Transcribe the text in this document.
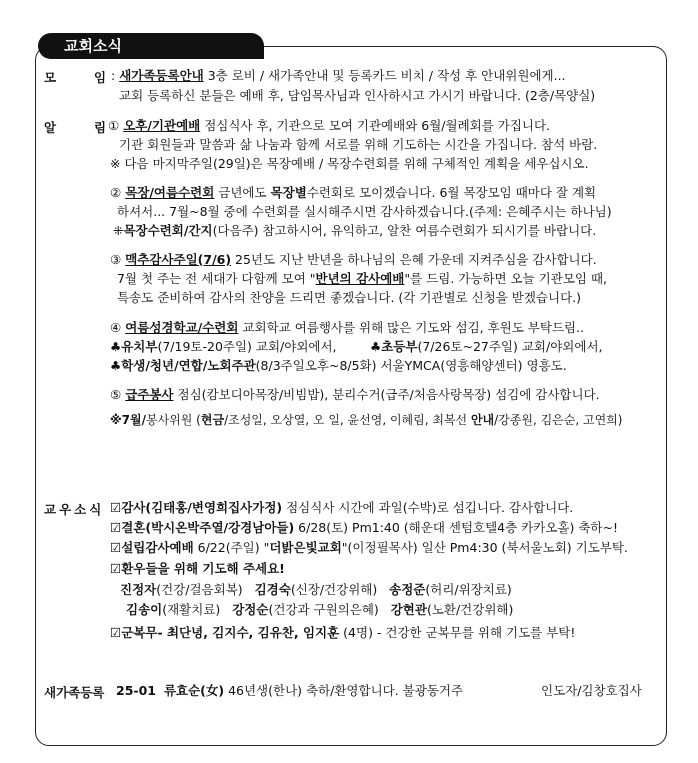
교회소식
모	임 : 새가족등록안내 3층 로비 / 새가족안내 및 등록카드 비치 / 작성 후 안내위원에게...
교회 등록하신 분들은 예배 후, 담임목사님과 인사하시고 가시기 바랍니다. (2층/목양실)
알	림 ① 오후/기관예배 점심식사 후, 기관으로 모여 기관예배와 6월/월례회를 가집니다.
기관 회원들과 말씀과 삶 나눔과 함께 서로를 위해 기도하는 시간을 가집니다. 참석 바람.
※ 다음 마지막주일(29일)은 목장예배 / 목장수련회를 위해 구체적인 계획을 세우십시오.
② 목장/여름수련회 금년에도 목장별수련회로 모이겠습니다. 6월 목장모임 때마다 잘 계획
하셔서... 7월~8월 중에 수련회를 실시해주시면 감사하겠습니다.(주제: 은혜주시는 하나님)
⁜목장수련회/간지(다음주) 참고하시어, 유익하고, 알찬 여름수련회가 되시기를 바랍니다.
③ 맥추감사주일(7/6) 25년도 지난 반년을 하나님의 은혜 가운데 지켜주심을 감사합니다.
7월 첫 주는 전 세대가 다함께 모여 "반년의 감사예배"를 드림. 가능하면 오늘 기관모임 때,
특송도 준비하여 감사의 찬양을 드리면 좋겠습니다. (각 기관별로 신청을 받겠습니다.)
④ 여름성경학교/수련회 교회학교 여름행사를 위해 많은 기도와 섬김, 후원도 부탁드림..
♣유치부(7/19토-20주일) 교회/야외에서,	♣초등부(7/26토~27주일) 교회/야외에서,
♣학생/청년/연합/노회주관(8/3주일오후~8/5화) 서울YMCA(영흥해양센터) 영흥도.
⑤ 급주봉사 점심(캄보디아목장/비빔밥), 분리수거(급주/처음사랑목장) 섬김에 감사합니다.
※7월/봉사위원 (현금/조성일, 오상열, 오 일, 윤선영, 이혜림, 최복선 안내/강종원, 김은순, 고연희)
교우소식 ☑감사(김태홍/변영희집사가정) 점심식사 시간에 과일(수박)로 섬깁니다. 감사합니다.
☑결혼(박시온박주열/강경남아들) 6/28(토) Pm1:40 (해운대 센텀호텔4층 카카오홀) 축하~!
☑설립감사예배 6/22(주일) "더밝은빛교회"(이정필목사) 일산 Pm4:30 (북서울노회) 기도부탁.
☑환우들을 위해 기도해 주세요!
진정자(건강/걸음회복) 김경숙(신장/건강위해) 송정준(허리/위장치료)
김송이(재활치료) 강정순(건강과 구원의은혜) 강현관(노환/건강위해)
☑군복무- 최단녕, 김지수, 김유찬, 임지훈 (4명) - 건강한 군복무를 위해 기도를 부탁!
새가족등록 25-01 류효순(女) 46년생(한나) 축하/환영합니다. 불광동거주	인도자/김창호집사
